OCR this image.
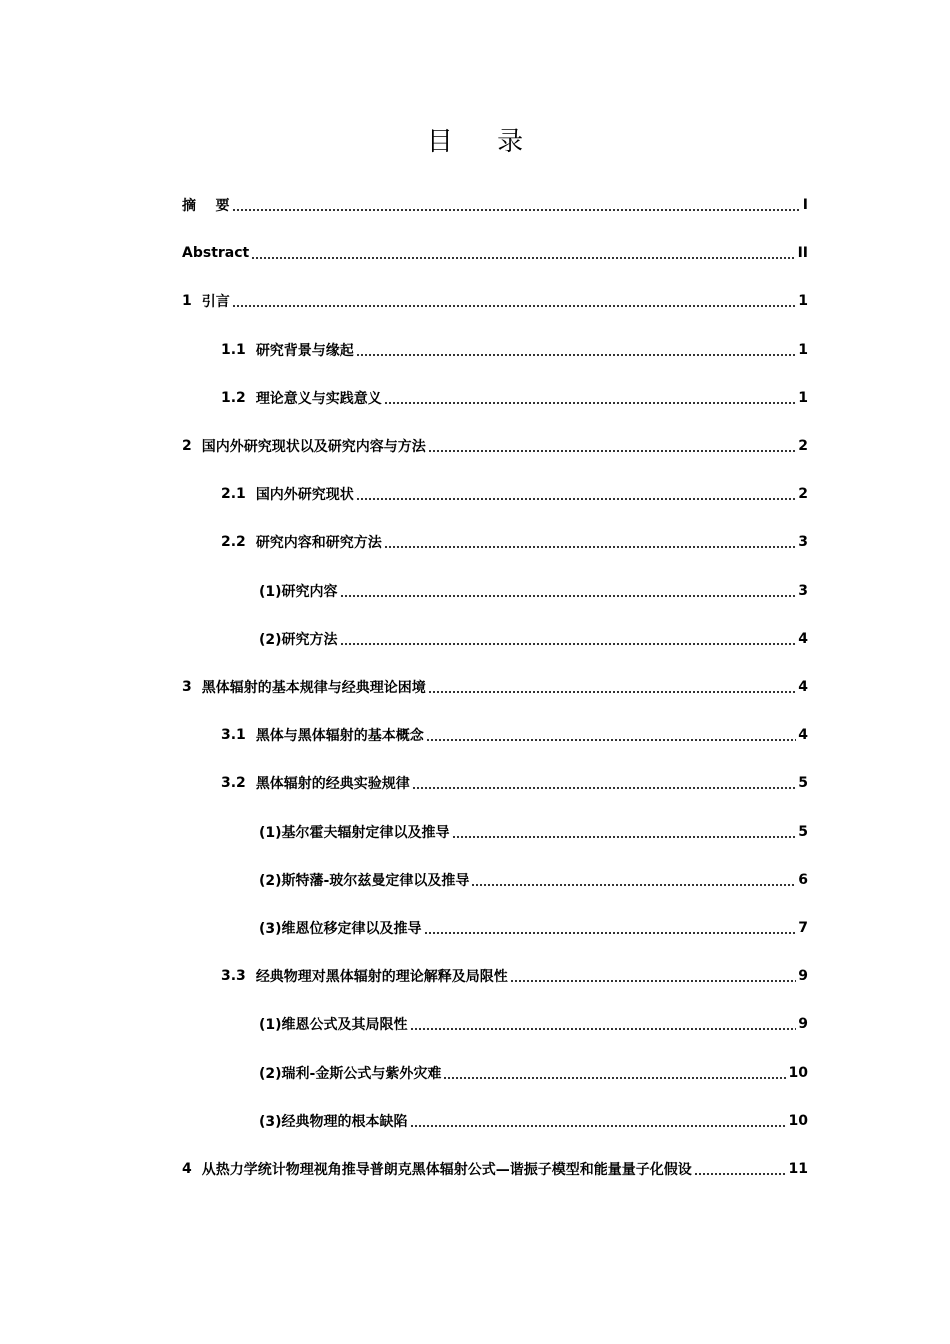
目 录
摘    要	I
Abstract	II
1 引言	1
1.1 研究背景与缘起	1
1.2 理论意义与实践意义	1
2 国内外研究现状以及研究内容与方法	2
2.1 国内外研究现状	2
2.2 研究内容和研究方法	3
(1)研究内容	3
(2)研究方法	4
3 黑体辐射的基本规律与经典理论困境	4
3.1 黑体与黑体辐射的基本概念	4
3.2 黑体辐射的经典实验规律	5
(1)基尔霍夫辐射定律以及推导	5
(2)斯特藩-玻尔兹曼定律以及推导	6
(3)维恩位移定律以及推导	7
3.3 经典物理对黑体辐射的理论解释及局限性	9
(1)维恩公式及其局限性	9
(2)瑞利-金斯公式与紫外灾难	10
(3)经典物理的根本缺陷	10
4 从热力学统计物理视角推导普朗克黑体辐射公式—谐振子模型和能量量子化假设	11
